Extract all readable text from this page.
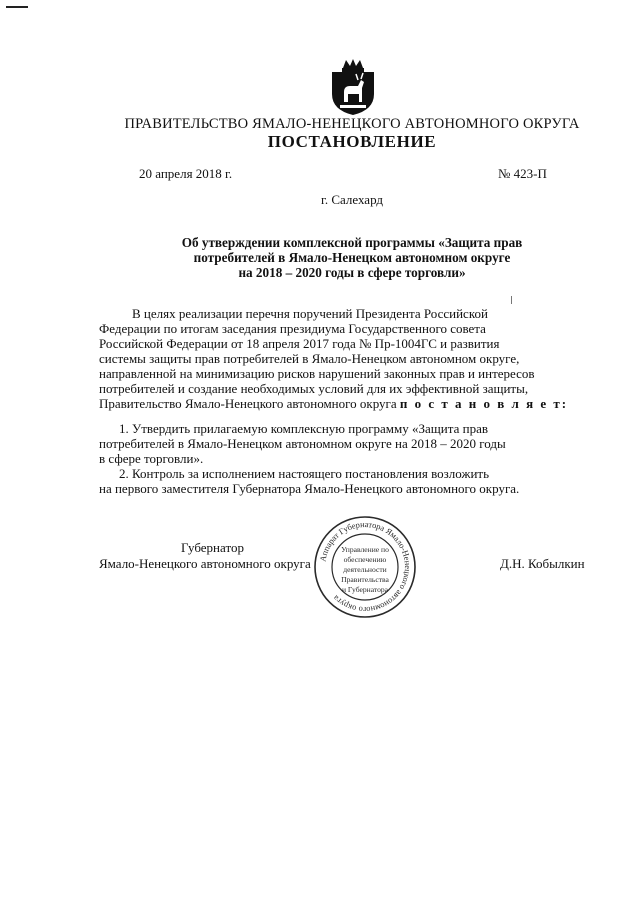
ПРАВИТЕЛЬСТВО ЯМАЛО-НЕНЕЦКОГО АВТОНОМНОГО ОКРУГА
ПОСТАНОВЛЕНИЕ
20 апреля 2018 г.	№ 423-П
г. Салехард
Об утверждении комплексной программы «Защита прав
потребителей в Ямало-Ненецком автономном округе
на 2018 – 2020 годы в сфере торговли»
В целях реализации перечня поручений Президента Российской
Федерации по итогам заседания президиума Государственного совета
Российской Федерации от 18 апреля 2017 года № Пр-1004ГС и развития
системы защиты прав потребителей в Ямало-Ненецком автономном округе,
направленной на минимизацию рисков нарушений законных прав и интересов
потребителей и создание необходимых условий для их эффективной защиты,
Правительство Ямало-Ненецкого автономного округа п о с т а н о в л я е т:
1. Утвердить прилагаемую комплексную программу «Защита прав
потребителей в Ямало-Ненецком автономном округе на 2018 – 2020 годы
в сфере торговли».
2. Контроль за исполнением настоящего постановления возложить
на первого заместителя Губернатора Ямало-Ненецкого автономного округа.
Губернатор
Ямало-Ненецкого автономного округа	Д.Н. Кобылкин
Аппарат Губернатора Ямало-Ненецкого автономного округа
Управление по
обеспечению
деятельности
Правительства
и Губернатора
